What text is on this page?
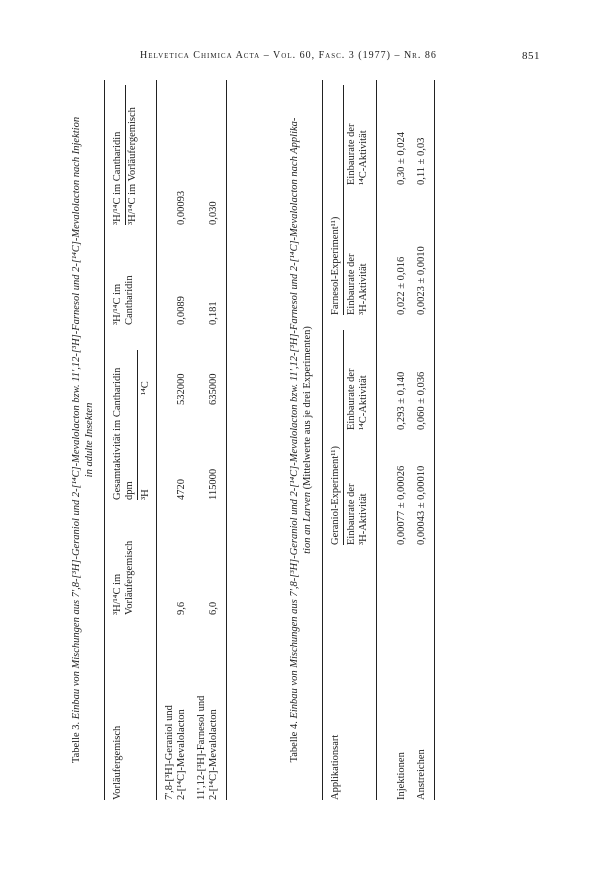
Helvetica Chimica Acta – Vol. 60, Fasc. 3 (1977) – Nr. 86	851
Tabelle 3. Einbau von Mischungen aus 7',8-[³H]-Geraniol und 2-[¹⁴C]-Mevalolacton bzw. 11',12-[³H]-Farnesol und 2-[¹⁴C]-Mevalolacton nach Injektion in adulte Insekten
Vorläufergemisch
³H/¹⁴C im Vorläufergemisch
Gesamtaktivität im Cantharidin dpm ³H
¹⁴C
³H/¹⁴C im Cantharidin
³H/¹⁴C im Cantharidin ³H/¹⁴C im Vorläufergemisch
7',8-[³H]-Geraniol und 2-[¹⁴C]-Mevalolacton
9,6
4720
532000
0,0089
0,00093
11',12-[³H]-Farnesol und 2-[¹⁴C]-Mevalolacton
6,0
115000
635000
0,181
0,030
Tabelle 4. Einbau von Mischungen aus 7',8-[³H]-Geraniol und 2-[¹⁴C]-Mevalolacton bzw. 11',12-[³H]-Farnesol und 2-[¹⁴C]-Mevalolacton nach Applika- tion an Larven (Mittelwerte aus je drei Experimenten)
Applikationsart
Geraniol-Experiment¹¹)
Farnesol-Experiment¹¹)
Einbaurate der ³H-Aktivität
Einbaurate der ¹⁴C-Aktivität
Einbaurate der ³H-Aktivität
Einbaurate der ¹⁴C-Aktivität
Injektionen
0,00077 ± 0,00026
0,293 ± 0,140
0,022 ± 0,016
0,30 ± 0,024
Anstreichen
0,00043 ± 0,00010
0,060 ± 0,036
0,0023 ± 0,0010
0,11 ± 0,03
